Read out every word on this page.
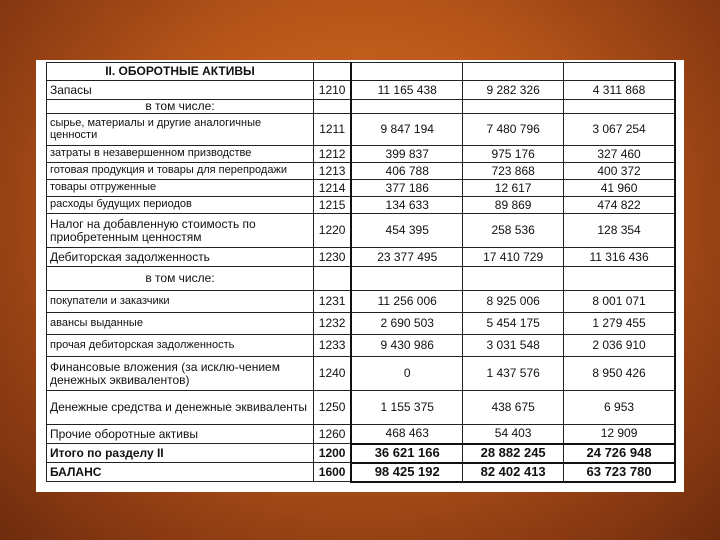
II. ОБОРОТНЫЕ АКТИВЫ				
Запасы	1210	11 165 438	9 282 326	4 311 868
в том числе:				
сырье, материалы и другие аналогичные ценности	1211	9 847 194	7 480 796	3 067 254
затраты в незавершенном призводстве	1212	399 837	975 176	327 460
готовая продукция и товары для перепродажи	1213	406 788	723 868	400 372
товары отгруженные	1214	377 186	12 617	41 960
расходы будущих периодов	1215	134 633	89 869	474 822
Налог на добавленную стоимость по приобретенным ценностям	1220	454 395	258 536	128 354
Дебиторская задолженность	1230	23 377 495	17 410 729	11 316 436
в том числе:				
покупатели и заказчики	1231	11 256 006	8 925 006	8 001 071
авансы выданные	1232	2 690 503	5 454 175	1 279 455
прочая дебиторская задолженность	1233	9 430 986	3 031 548	2 036 910
Финансовые вложения (за исклю-чением денежных эквивалентов)	1240	0	1 437 576	8 950 426
Денежные средства и денежные эквиваленты	1250	1 155 375	438 675	6 953
Прочие оборотные активы	1260	468 463	54 403	12 909
Итого по разделу II	1200	36 621 166	28 882 245	24 726 948
БАЛАНС	1600	98 425 192	82 402 413	63 723 780
